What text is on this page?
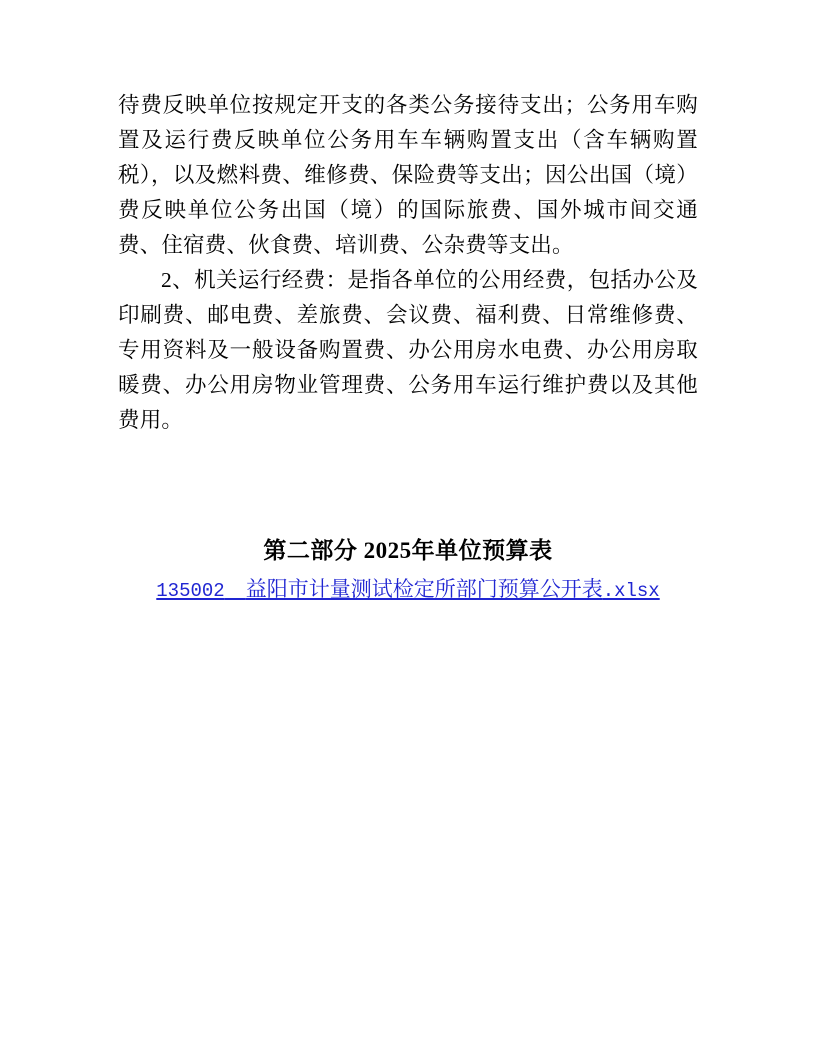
待费反映单位按规定开支的各类公务接待支出；公务用车购置及运行费反映单位公务用车车辆购置支出（含车辆购置税），以及燃料费、维修费、保险费等支出；因公出国（境）费反映单位公务出国（境）的国际旅费、国外城市间交通费、住宿费、伙食费、培训费、公杂费等支出。

2、机关运行经费：是指各单位的公用经费，包括办公及印刷费、邮电费、差旅费、会议费、福利费、日常维修费、专用资料及一般设备购置费、办公用房水电费、办公用房取暖费、办公用房物业管理费、公务用车运行维护费以及其他费用。

第二部分 2025年单位预算表

135002　 益阳市计量测试检定所部门预算公开表.xlsx
